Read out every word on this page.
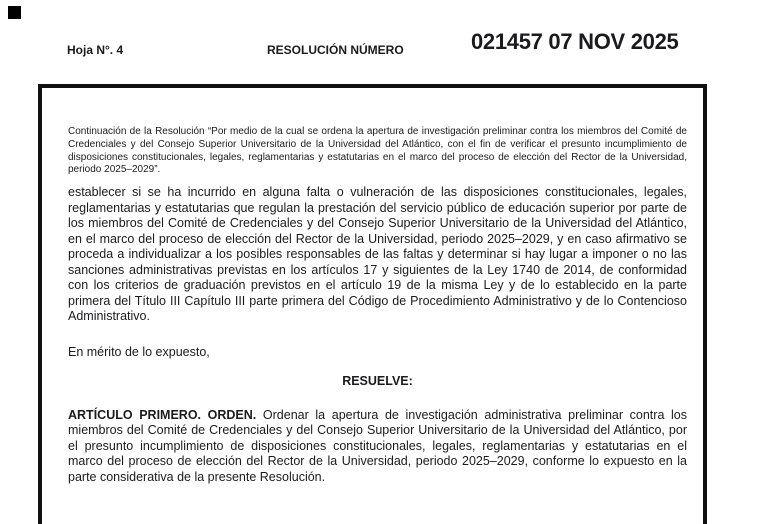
Hoja N°. 4	RESOLUCIÓN NÚMERO	021457 07 NOV 2025

Continuación de la Resolución “Por medio de la cual se ordena la apertura de investigación preliminar contra los miembros del Comité de Credenciales y del Consejo Superior Universitario de la Universidad del Atlántico, con el fin de verificar el presunto incumplimiento de disposiciones constitucionales, legales, reglamentarias y estatutarias en el marco del proceso de elección del Rector de la Universidad, periodo 2025–2029”.

establecer si se ha incurrido en alguna falta o vulneración de las disposiciones constitucionales, legales, reglamentarias y estatutarias que regulan la prestación del servicio público de educación superior por parte de los miembros del Comité de Credenciales y del Consejo Superior Universitario de la Universidad del Atlántico, en el marco del proceso de elección del Rector de la Universidad, periodo 2025–2029, y en caso afirmativo se proceda a individualizar a los posibles responsables de las faltas y determinar si hay lugar a imponer o no las sanciones administrativas previstas en los artículos 17 y siguientes de la Ley 1740 de 2014, de conformidad con los criterios de graduación previstos en el artículo 19 de la misma Ley y de lo establecido en la parte primera del Título III Capítulo III parte primera del Código de Procedimiento Administrativo y de lo Contencioso Administrativo.

En mérito de lo expuesto,

RESUELVE:

ARTÍCULO PRIMERO. ORDEN. Ordenar la apertura de investigación administrativa preliminar contra los miembros del Comité de Credenciales y del Consejo Superior Universitario de la Universidad del Atlántico, por el presunto incumplimiento de disposiciones constitucionales, legales, reglamentarias y estatutarias en el marco del proceso de elección del Rector de la Universidad, periodo 2025–2029, conforme lo expuesto en la parte considerativa de la presente Resolución.
